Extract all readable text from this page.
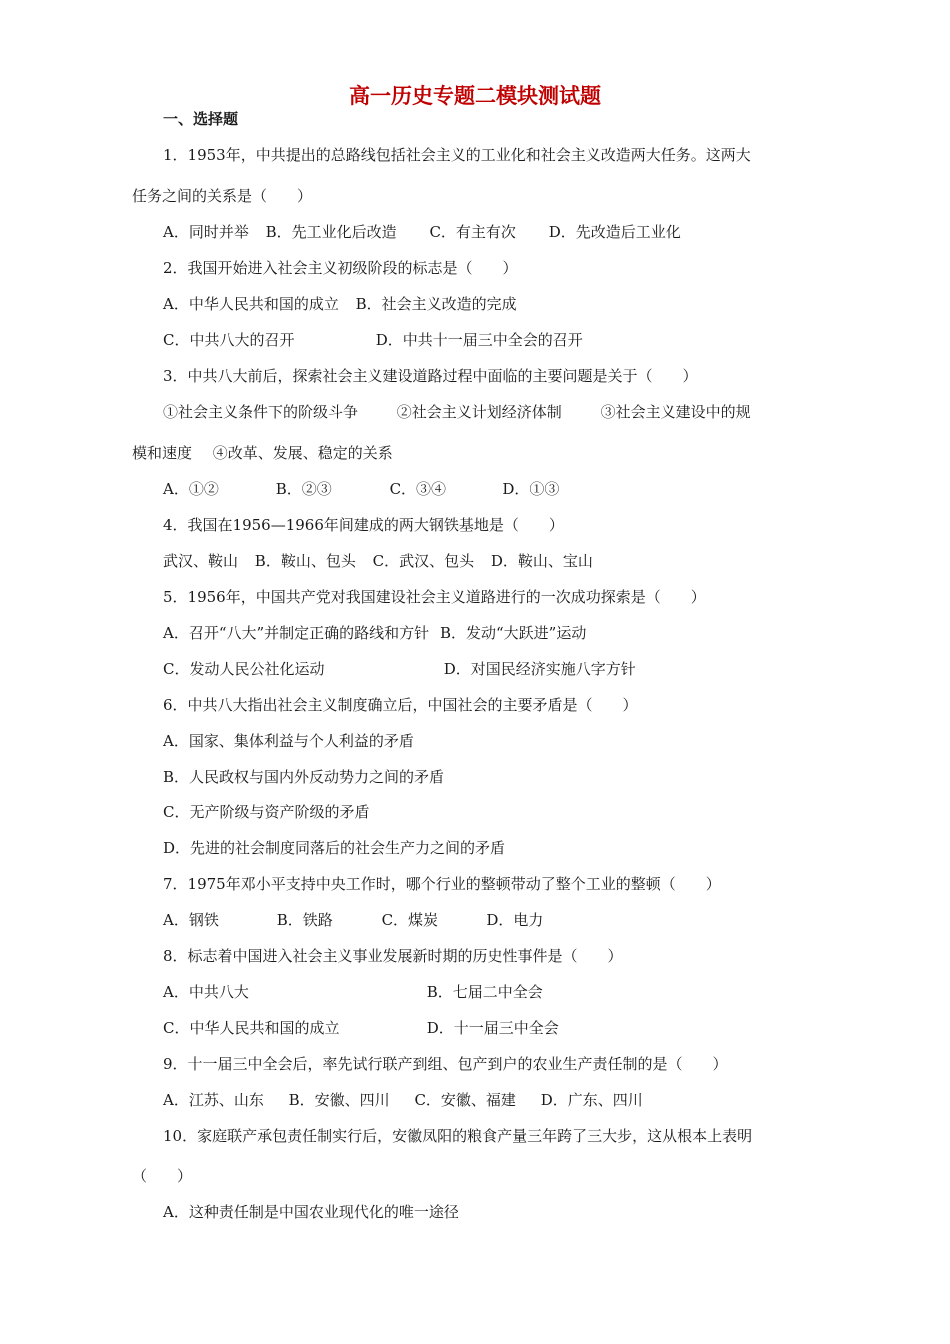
高一历史专题二模块测试题
一、选择题
1．1953年，中共提出的总路线包括社会主义的工业化和社会主义改造两大任务。这两大
任务之间的关系是（　　）
A．同时并举 B．先工业化后改造 C．有主有次 D．先改造后工业化
2．我国开始进入社会主义初级阶段的标志是（　　）
A．中华人民共和国的成立 B．社会主义改造的完成
C．中共八大的召开	D．中共十一届三中全会的召开
3．中共八大前后，探索社会主义建设道路过程中面临的主要问题是关于（　　）
①社会主义条件下的阶级斗争	②社会主义计划经济体制	③社会主义建设中的规
模和速度 ④改革、发展、稳定的关系
A．①②	B．②③	C．③④	D．①③
4．我国在1956—1966年间建成的两大钢铁基地是（　　）
武汉、鞍山 B．鞍山、包头 C．武汉、包头 D．鞍山、宝山
5．1956年，中国共产党对我国建设社会主义道路进行的一次成功探索是（　　）
A．召开“八大”并制定正确的路线和方针 B．发动“大跃进”运动
C．发动人民公社化运动	D．对国民经济实施八字方针
6．中共八大指出社会主义制度确立后，中国社会的主要矛盾是（　　）
A．国家、集体利益与个人利益的矛盾
B．人民政权与国内外反动势力之间的矛盾
C．无产阶级与资产阶级的矛盾
D．先进的社会制度同落后的社会生产力之间的矛盾
7．1975年邓小平支持中央工作时，哪个行业的整顿带动了整个工业的整顿（　　）
A．钢铁	B．铁路	C．煤炭	D．电力
8．标志着中国进入社会主义事业发展新时期的历史性事件是（　　）
A．中共八大	B．七届二中全会
C．中华人民共和国的成立	D．十一届三中全会
9．十一届三中全会后，率先试行联产到组、包产到户的农业生产责任制的是（　　）
A．江苏、山东 B．安徽、四川 C．安徽、福建 D．广东、四川
10．家庭联产承包责任制实行后，安徽凤阳的粮食产量三年跨了三大步，这从根本上表明
（　　）
A．这种责任制是中国农业现代化的唯一途径
